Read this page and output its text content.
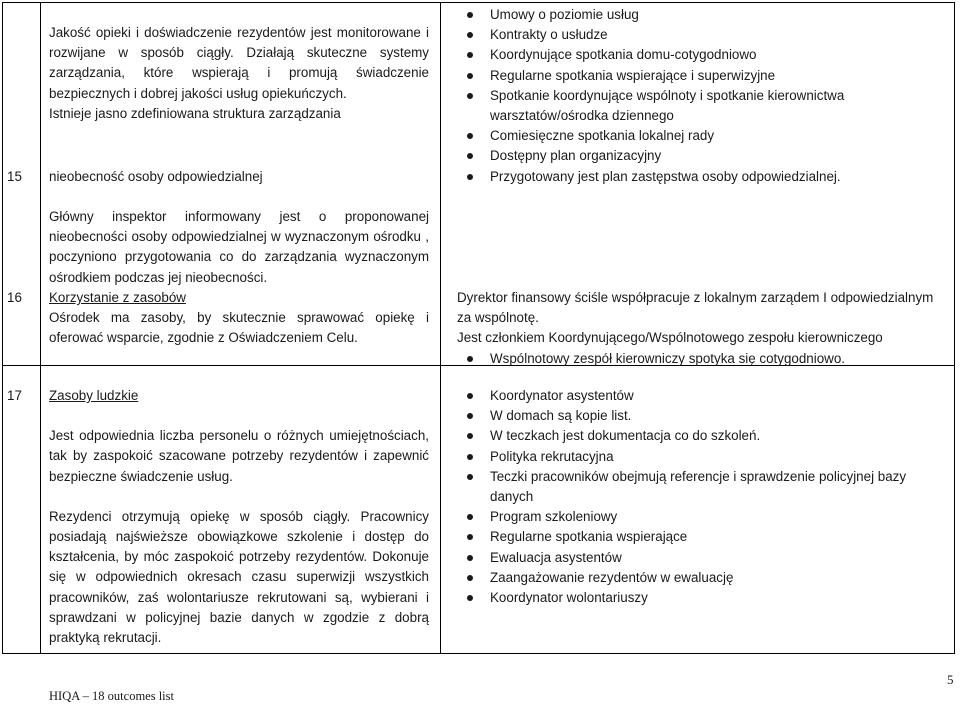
Jakość opieki i doświadczenie rezydentów jest monitorowane i rozwijane w sposób ciągły. Działają skuteczne systemy zarządzania, które wspierają i promują świadczenie bezpiecznych i dobrej jakości usług opiekuńczych.
Istnieje jasno zdefiniowana struktura zarządzania
Umowy o poziomie usług
Kontrakty o usłudze
Koordynujące spotkania domu-cotygodniowo
Regularne spotkania wspierające i superwizyjne
Spotkanie koordynujące wspólnoty i spotkanie kierownictwa warsztatów/ośrodka dziennego
Comiesięczne spotkania lokalnej rady
Dostępny plan organizacyjny
15 nieobecność osoby odpowiedzialnej
Główny inspektor informowany jest o proponowanej nieobecności osoby odpowiedzialnej w wyznaczonym ośrodku , poczyniono przygotowania co do zarządzania wyznaczonym ośrodkiem podczas jej nieobecności.
Przygotowany jest plan zastępstwa osoby odpowiedzialnej.
16 Korzystanie z zasobów
Ośrodek ma zasoby, by skutecznie sprawować opiekę i oferować wsparcie, zgodnie z Oświadczeniem Celu.
Dyrektor finansowy ściśle współpracuje z lokalnym zarządem I odpowiedzialnym za wspólnotę.
Jest członkiem Koordynującego/Wspólnotowego zespołu kierowniczego
Wspólnotowy zespół kierowniczy spotyka się cotygodniowo.
17 Zasoby ludzkie
Jest odpowiednia liczba personelu o różnych umiejętnościach, tak by zaspokoić szacowane potrzeby rezydentów i zapewnić bezpieczne świadczenie usług.
Rezydenci otrzymują opiekę w sposób ciągły. Pracownicy posiadają najświeższe obowiązkowe szkolenie i dostęp do kształcenia, by móc zaspokoić potrzeby rezydentów. Dokonuje się w odpowiednich okresach czasu superwizji wszystkich pracowników, zaś wolontariusze rekrutowani są, wybierani i sprawdzani w policyjnej bazie danych w zgodzie z dobrą praktyką rekrutacji.
Koordynator asystentów
W domach są kopie list.
W teczkach jest dokumentacja co do szkoleń.
Polityka rekrutacyjna
Teczki pracowników obejmują referencje i sprawdzenie policyjnej bazy danych
Program szkoleniowy
Regularne spotkania wspierające
Ewaluacja asystentów
Zaangażowanie rezydentów w ewaluację
Koordynator wolontariuszy
HIQA – 18 outcomes list
5
